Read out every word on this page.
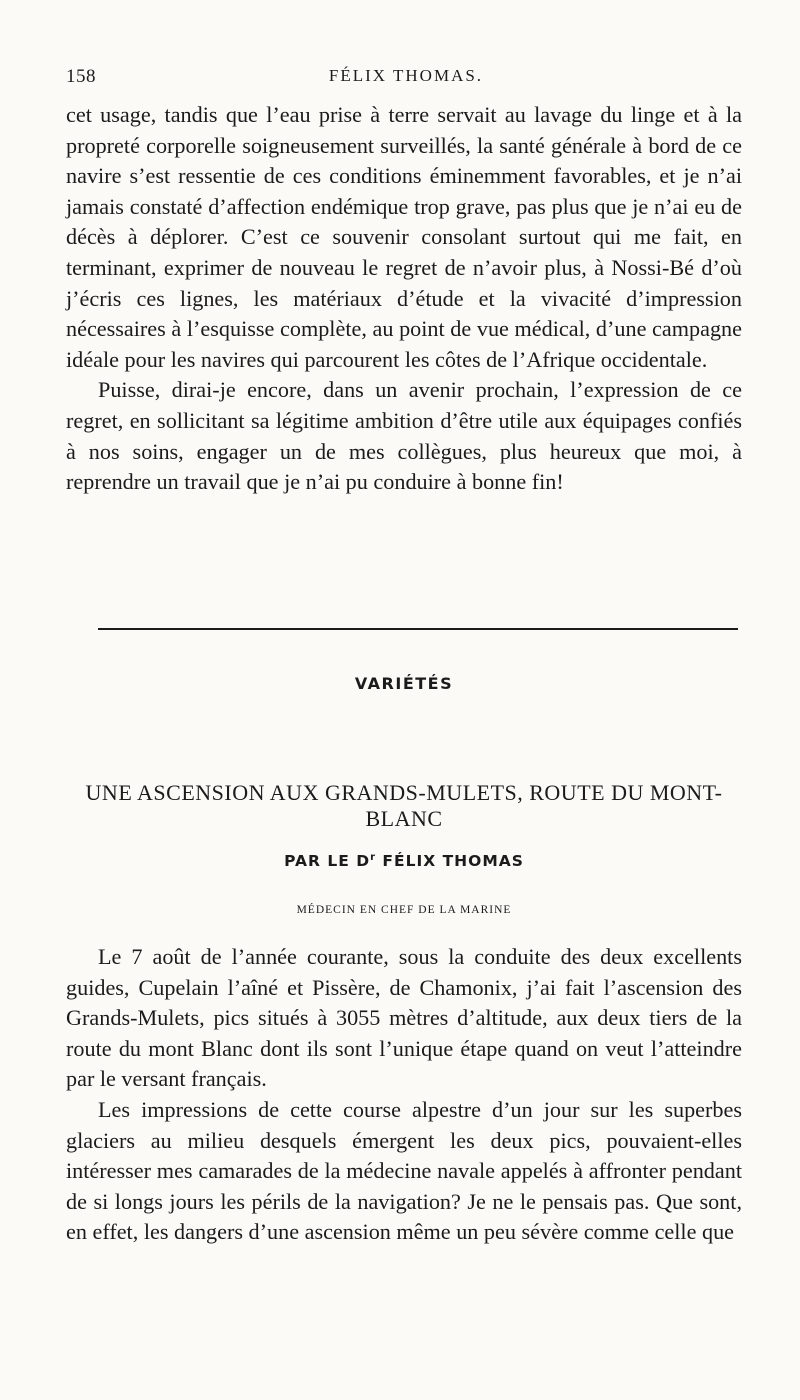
158	FÉLIX THOMAS.

cet usage, tandis que l’eau prise à terre servait au lavage du linge et à la propreté corporelle soigneusement surveillés, la santé générale à bord de ce navire s’est ressentie de ces conditions éminemment favorables, et je n’ai jamais constaté d’affection endémique trop grave, pas plus que je n’ai eu de décès à déplorer. C’est ce souvenir consolant surtout qui me fait, en terminant, exprimer de nouveau le regret de n’avoir plus, à Nossi-Bé d’où j’écris ces lignes, les matériaux d’étude et la vivacité d’impression nécessaires à l’esquisse complète, au point de vue médical, d’une campagne idéale pour les navires qui parcourent les côtes de l’Afrique occidentale.

Puisse, dirai-je encore, dans un avenir prochain, l’expression de ce regret, en sollicitant sa légitime ambition d’être utile aux équipages confiés à nos soins, engager un de mes collègues, plus heureux que moi, à reprendre un travail que je n’ai pu conduire à bonne fin!

VARIÉTÉS
UNE ASCENSION AUX GRANDS-MULETS, ROUTE DU MONT-BLANC
PAR LE $D^r$ FÉLIX THOMAS
MÉDECIN EN CHEF DE LA MARINE

Le 7 août de l’année courante, sous la conduite des deux excellents guides, Cupelain l’aîné et Pissère, de Chamonix, j’ai fait l’ascension des Grands-Mulets, pics situés à 3055 mètres d’altitude, aux deux tiers de la route du mont Blanc dont ils sont l’unique étape quand on veut l’atteindre par le versant français.

Les impressions de cette course alpestre d’un jour sur les superbes glaciers au milieu desquels émergent les deux pics, pouvaient-elles intéresser mes camarades de la médecine navale appelés à affronter pendant de si longs jours les périls de la navigation? Je ne le pensais pas. Que sont, en effet, les dangers d’une ascension même un peu sévère comme celle que
